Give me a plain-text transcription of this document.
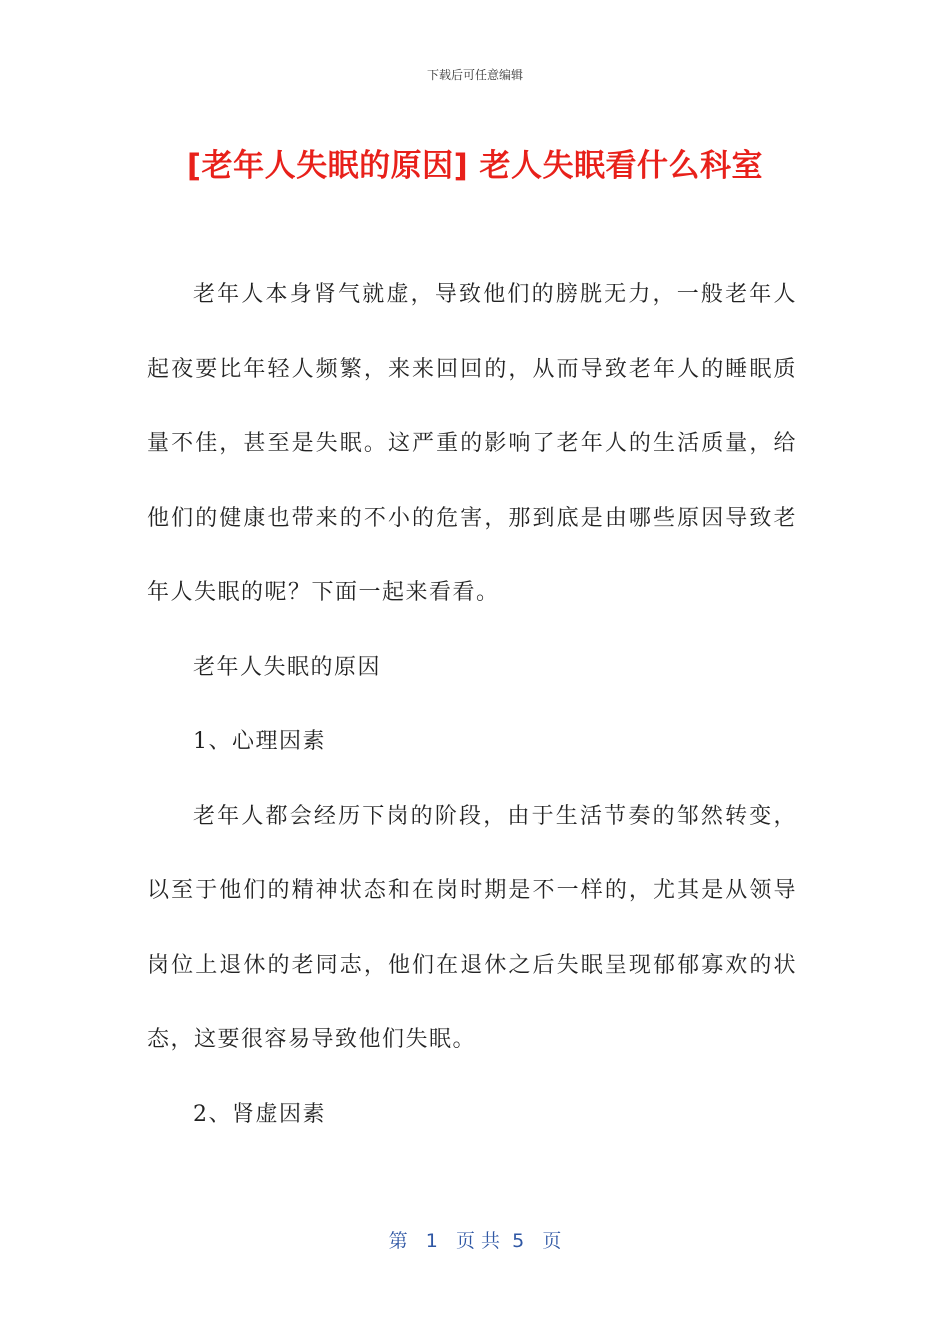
下载后可任意编辑
[老年人失眠的原因] 老人失眠看什么科室

老年人本身肾气就虚，导致他们的膀胱无力，一般老年人起夜要比年轻人频繁，来来回回的，从而导致老年人的睡眠质量不佳，甚至是失眠。这严重的影响了老年人的生活质量，给他们的健康也带来的不小的危害，那到底是由哪些原因导致老年人失眠的呢？下面一起来看看。

老年人失眠的原因

1、心理因素

老年人都会经历下岗的阶段，由于生活节奏的邹然转变，以至于他们的精神状态和在岗时期是不一样的，尤其是从领导岗位上退休的老同志，他们在退休之后失眠呈现郁郁寡欢的状态，这要很容易导致他们失眠。

2、肾虚因素

第 1 页 共 5 页
